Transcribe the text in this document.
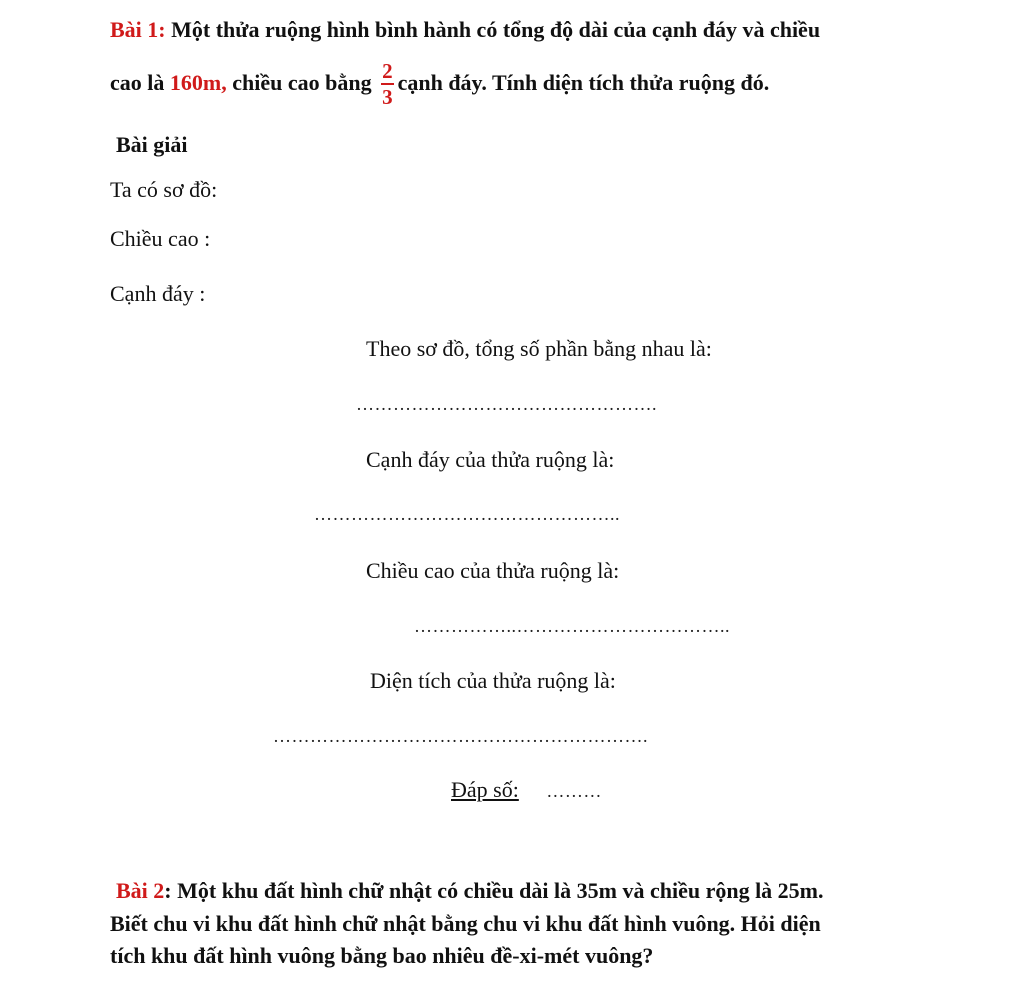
Bài 1: Một thửa ruộng hình bình hành có tổng độ dài của cạnh đáy và chiều
cao là 160m, chiều cao bằng $\frac{2}{3}$ cạnh đáy. Tính diện tích thửa ruộng đó.
Bài giải
Ta có sơ đồ:
Chiều cao :
Cạnh đáy :
Theo sơ đồ, tổng số phần bằng nhau là:
………………………………………….
Cạnh đáy của thửa ruộng là:
…………………………………………..
Chiều cao của thửa ruộng là:
……………..……………………………..
Diện tích của thửa ruộng là:
…………………………………………………….
Đáp số: ………
Bài 2: Một khu đất hình chữ nhật có chiều dài là 35m và chiều rộng là 25m.
Biết chu vi khu đất hình chữ nhật bằng chu vi khu đất hình vuông. Hỏi diện
tích khu đất hình vuông bằng bao nhiêu đề-xi-mét vuông?
